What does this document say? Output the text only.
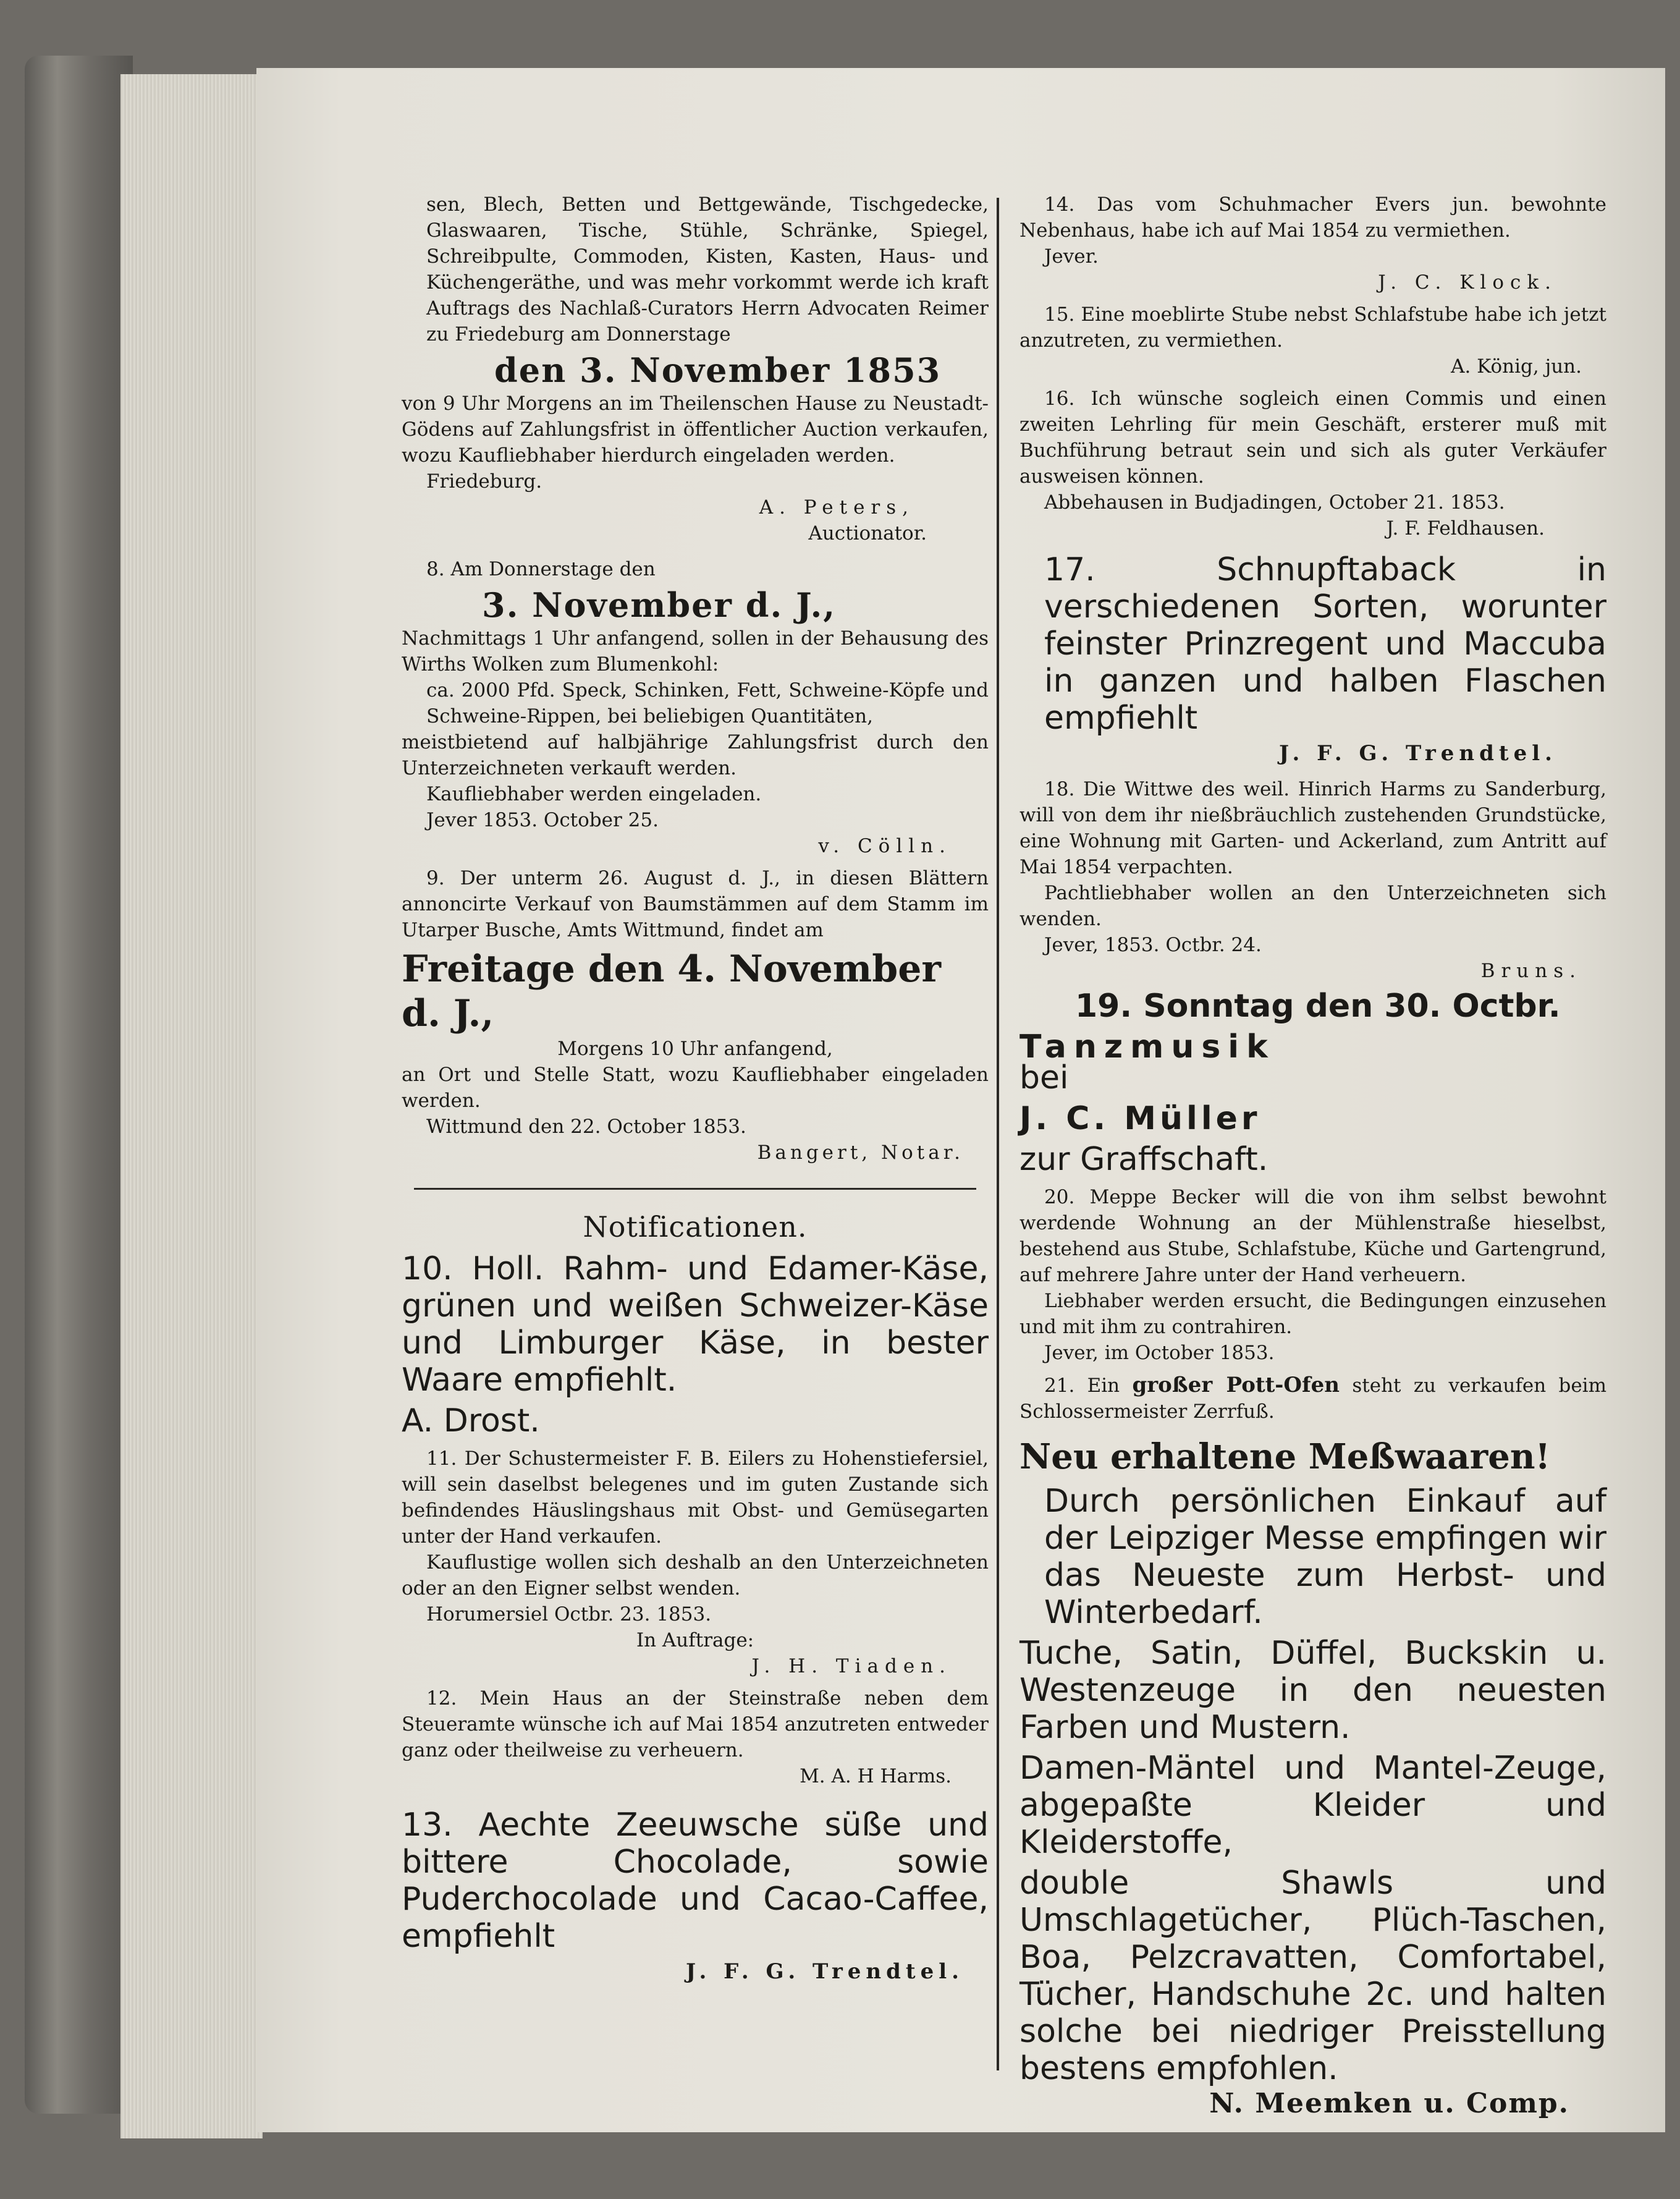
sen, Blech, Betten und Bettgewände, Tischgedecke, Glaswaaren, Tische, Stühle, Schränke, Spiegel, Schreibpulte, Commoden, Kisten, Kasten, Haus- und Küchengeräthe, und was mehr vorkommt werde ich kraft Auftrags des Nachlaß-Curators Herrn Advocaten Reimer zu Friedeburg am Donnerstage

den 3. November 1853

von 9 Uhr Morgens an im Theilenschen Hause zu Neustadt-Gödens auf Zahlungsfrist in öffentlicher Auction verkaufen, wozu Kaufliebhaber hierdurch eingeladen werden.

Friedeburg.

A. Peters,

Auctionator.

8. Am Donnerstage den

3. November d. J.,

Nachmittags 1 Uhr anfangend, sollen in der Behausung des Wirths Wolken zum Blumenkohl:

ca. 2000 Pfd. Speck, Schinken, Fett, Schweine-Köpfe und Schweine-Rippen, bei beliebigen Quantitäten,

meistbietend auf halbjährige Zahlungsfrist durch den Unterzeichneten verkauft werden.

Kaufliebhaber werden eingeladen.

Jever 1853. October 25.

v. Cölln.

9. Der unterm 26. August d. J., in diesen Blättern annoncirte Verkauf von Baumstämmen auf dem Stamm im Utarper Busche, Amts Wittmund, findet am

Freitage den 4. November d. J.,

Morgens 10 Uhr anfangend,

an Ort und Stelle Statt, wozu Kaufliebhaber eingeladen werden.

Wittmund den 22. October 1853.

Bangert, Notar.

Notificationen.

10. Holl. Rahm- und Edamer-Käse, grünen und weißen Schweizer-Käse und Limburger Käse, in bester Waare empfiehlt.

A. Drost.

11. Der Schustermeister F. B. Eilers zu Hohenstiefersiel, will sein daselbst belegenes und im guten Zustande sich befindendes Häuslingshaus mit Obst- und Gemüsegarten unter der Hand verkaufen.

Kauflustige wollen sich deshalb an den Unterzeichneten oder an den Eigner selbst wenden.

Horumersiel Octbr. 23. 1853.

In Auftrage:

J. H. Tiaden.

12. Mein Haus an der Steinstraße neben dem Steueramte wünsche ich auf Mai 1854 anzutreten entweder ganz oder theilweise zu verheuern.

M. A. H Harms.

13. Aechte Zeeuwsche süße und bittere Chocolade, sowie Puderchocolade und Cacao-Caffee, empfiehlt

J. F. G. Trendtel.

14. Das vom Schuhmacher Evers jun. bewohnte Nebenhaus, habe ich auf Mai 1854 zu vermiethen.

Jever.

J. C. Klock.

15. Eine moeblirte Stube nebst Schlafstube habe ich jetzt anzutreten, zu vermiethen.

A. König, jun.

16. Ich wünsche sogleich einen Commis und einen zweiten Lehrling für mein Geschäft, ersterer muß mit Buchführung betraut sein und sich als guter Verkäufer ausweisen können.

Abbehausen in Budjadingen, October 21. 1853.

J. F. Feldhausen.

17. Schnupftaback in verschiedenen Sorten, worunter feinster Prinzregent und Maccuba in ganzen und halben Flaschen empfiehlt

J. F. G. Trendtel.

18. Die Wittwe des weil. Hinrich Harms zu Sanderburg, will von dem ihr nießbräuchlich zustehenden Grundstücke, eine Wohnung mit Garten- und Ackerland, zum Antritt auf Mai 1854 verpachten.

Pachtliebhaber wollen an den Unterzeichneten sich wenden.

Jever, 1853. Octbr. 24.

Bruns.

19. Sonntag den 30. Octbr.

Tanzmusik

bei

J. C. Müller

zur Graffschaft.

20. Meppe Becker will die von ihm selbst bewohnt werdende Wohnung an der Mühlenstraße hieselbst, bestehend aus Stube, Schlafstube, Küche und Gartengrund, auf mehrere Jahre unter der Hand verheuern.

Liebhaber werden ersucht, die Bedingungen einzusehen und mit ihm zu contrahiren.

Jever, im October 1853.

21. Ein großer Pott-Ofen steht zu verkaufen beim Schlossermeister Zerrfuß.

Neu erhaltene Meßwaaren!

Durch persönlichen Einkauf auf der Leipziger Messe empfingen wir das Neueste zum Herbst- und Winterbedarf.

Tuche, Satin, Düffel, Buckskin u. Westenzeuge in den neuesten Farben und Mustern.

Damen-Mäntel und Mantel-Zeuge, abgepaßte Kleider und Kleiderstoffe,

double Shawls und Umschlagetücher, Plüch-Taschen, Boa, Pelzcravatten, Comfortabel, Tücher, Handschuhe 2c. und halten solche bei niedriger Preisstellung bestens empfohlen.

N. Meemken u. Comp.
